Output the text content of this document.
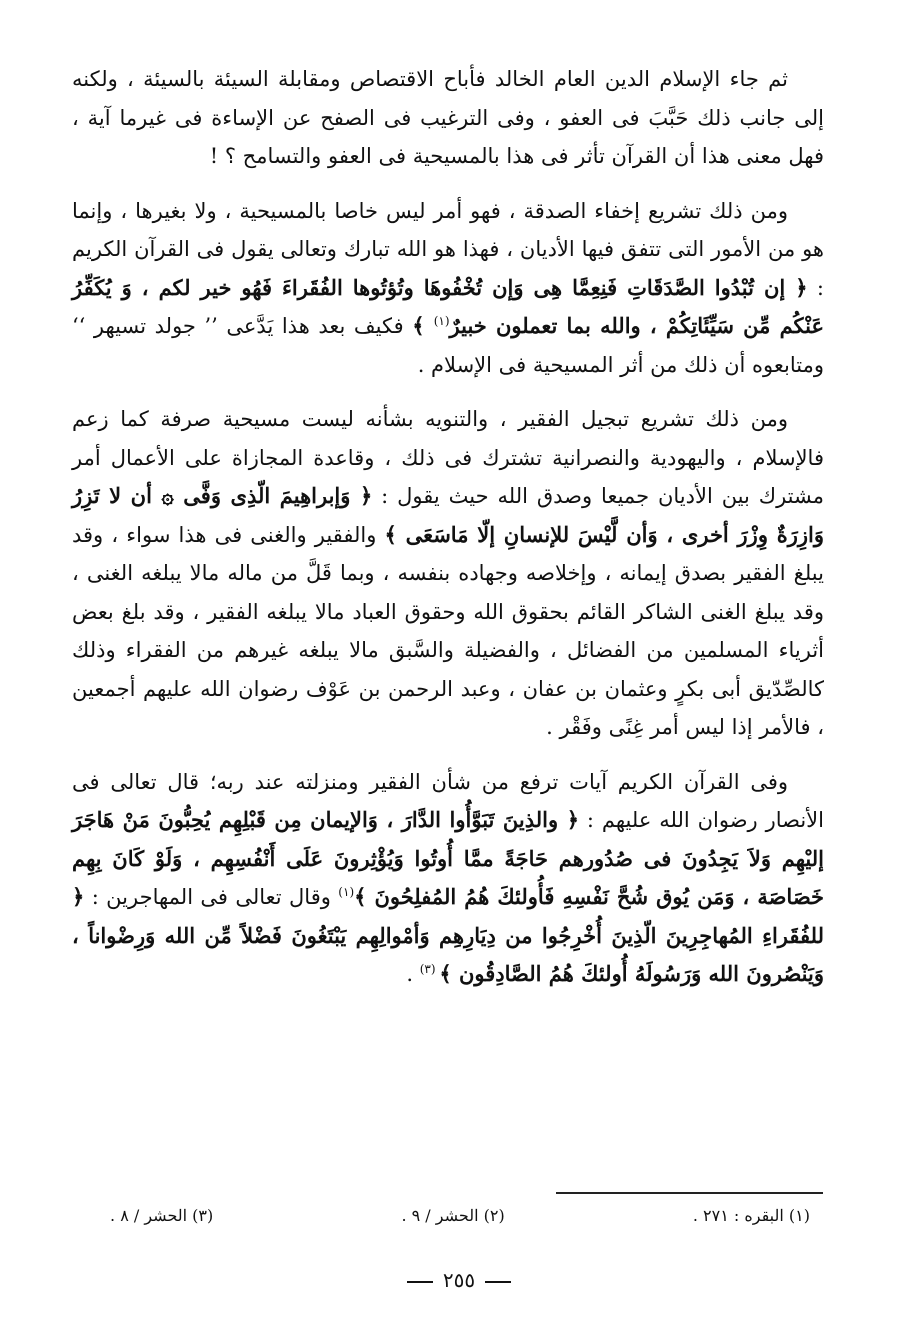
ثم جاء الإسلام الدين العام الخالد فأباح الاقتصاص ومقابلة السيئة بالسيئة ، ولكنه إلى جانب ذلك حَبَّبَ فى العفو ، وفى الترغيب فى الصفح عن الإساءة فى غيرما آية ، فهل معنى هذا أن القرآن تأثر فى هذا بالمسيحية فى العفو والتسامح ؟ !

ومن ذلك تشريع إخفاء الصدقة ، فهو أمر ليس خاصا بالمسيحية ، ولا بغيرها ، وإنما هو من الأمور التى تتفق فيها الأديان ، فهذا هو الله تبارك وتعالى يقول فى القرآن الكريم : ﴿ إن تُبْدُوا الصَّدَقَاتِ فَنِعِمَّا هِى وَإن تُخْفُوهَا وتُؤتُوها الفُقَراءَ فَهُو خير لكم ، وَ يُكَفِّرُ عَنْكُم مِّن سَيِّئَاتِكُمْ ، والله بما تعملون خبيرٌ$^{(١)}$ ﴾ فكيف بعد هذا يَدَّعى ’’ جولد تسيهر ‘‘ ومتابعوه أن ذلك من أثر المسيحية فى الإسلام .

ومن ذلك تشريع تبجيل الفقير ، والتنويه بشأنه ليست مسيحية صرفة كما زعم فالإسلام ، واليهودية والنصرانية تشترك فى ذلك ، وقاعدة المجازاة على الأعمال أمر مشترك بين الأديان جميعا وصدق الله حيث يقول : ﴿ وَإبراهِيمَ الّذِى وَفَّى ۞ أن لا تَزِرُ وَازِرَةٌ وِزْرَ أخرى ، وَأن لَّيْسَ للإنسانِ إلّا مَاسَعَى ﴾ والفقير والغنى فى هذا سواء ، وقد يبلغ الفقير بصدق إيمانه ، وإخلاصه وجهاده بنفسه ، وبما قَلَّ من ماله مالا يبلغه الغنى ، وقد يبلغ الغنى الشاكر القائم بحقوق الله وحقوق العباد مالا يبلغه الفقير ، وقد بلغ بعض أثرياء المسلمين من الفضائل ، والفضيلة والسَّبق مالا يبلغه غيرهم من الفقراء وذلك كالصِّدّيق أبى بكرٍ وعثمان بن عفان ، وعبد الرحمن بن عَوْف رضوان الله عليهم أجمعين ، فالأمر إذا ليس أمر غِنًى وفَقْر .

وفى القرآن الكريم آيات ترفع من شأن الفقير ومنزلته عند ربه؛ قال تعالى فى الأنصار رضوان الله عليهم : ﴿ والذِينَ تَبَوَّأُوا الدَّارَ ، وَالإيمان مِن قَبْلِهِم يُحِبُّونَ مَنْ هَاجَرَ إليْهِم وَلاَ يَجِدُونَ فى صُدُورهم حَاجَةً ممَّا أُوتُوا وَيُؤْثِرونَ عَلَى أَنْفُسِهِم ، وَلَوْ كَانَ بِهِم خَصَاصَة ، وَمَن يُوق شُحَّ نَفْسِهِ فَأُولئكَ هُمُ المُفلِحُونَ ﴾$^{(١)}$ وقال تعالى فى المهاجرين : ﴿ للفُقَراءِ المُهاجِرِينَ الّذِينَ أُخْرِجُوا من دِيَارِهِم وَأمْوالِهِم يَبْتَغُونَ فَضْلاً مِّن الله وَرِضْواناً ، وَيَنْصُرونَ الله وَرَسُولَهُ أُولئكَ هُمُ الصَّادِقُون ﴾ $^{(٣)}$ .

(١) البقره : ٢٧١ .
(٢) الحشر / ٩ .
(٣) الحشر / ٨ .
٢٥٥
